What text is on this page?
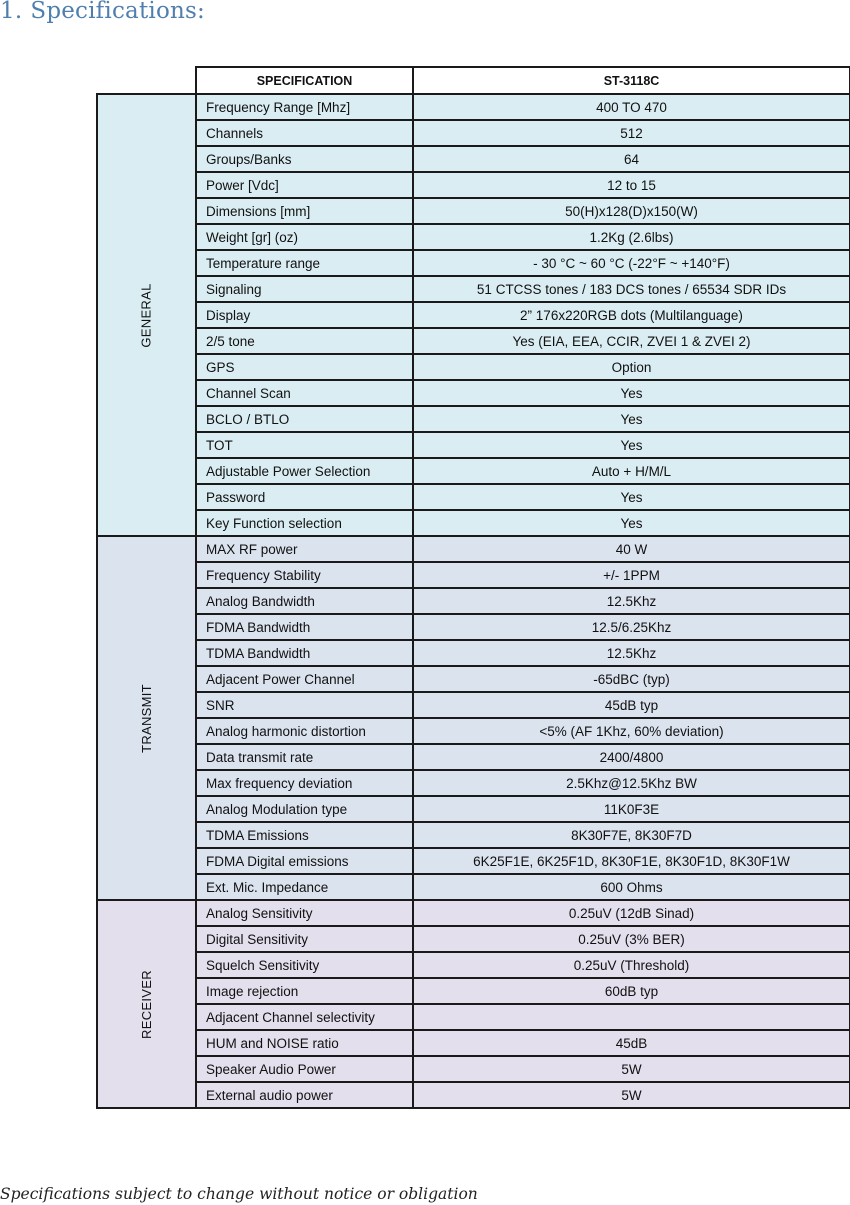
1. Specifications:
	SPECIFICATION	ST-3118C
GENERAL	Frequency Range [Mhz]	400 TO 470
	Channels	512
	Groups/Banks	64
	Power [Vdc]	12 to 15
	Dimensions [mm]	50(H)x128(D)x150(W)
	Weight [gr] (oz)	1.2Kg (2.6lbs)
	Temperature range	- 30 °C ~ 60 °C (-22°F ~ +140°F)
	Signaling	51 CTCSS tones / 183 DCS tones / 65534 SDR IDs
	Display	2” 176x220RGB dots (Multilanguage)
	2/5 tone	Yes (EIA, EEA, CCIR, ZVEI 1 & ZVEI 2)
	GPS	Option
	Channel Scan	Yes
	BCLO / BTLO	Yes
	TOT	Yes
	Adjustable Power Selection	Auto + H/M/L
	Password	Yes
	Key Function selection	Yes
TRANSMIT	MAX RF power	40 W
	Frequency Stability	+/- 1PPM
	Analog Bandwidth	12.5Khz
	FDMA Bandwidth	12.5/6.25Khz
	TDMA Bandwidth	12.5Khz
	Adjacent Power Channel	-65dBC (typ)
	SNR	45dB typ
	Analog harmonic distortion	<5% (AF 1Khz, 60% deviation)
	Data transmit rate	2400/4800
	Max frequency deviation	2.5Khz@12.5Khz BW
	Analog Modulation type	11K0F3E
	TDMA Emissions	8K30F7E, 8K30F7D
	FDMA Digital emissions	6K25F1E, 6K25F1D, 8K30F1E, 8K30F1D, 8K30F1W
	Ext. Mic. Impedance	600 Ohms
RECEIVER	Analog Sensitivity	0.25uV (12dB Sinad)
	Digital Sensitivity	0.25uV (3% BER)
	Squelch Sensitivity	0.25uV (Threshold)
	Image rejection	60dB typ
	Adjacent Channel selectivity	
	HUM and NOISE ratio	45dB
	Speaker Audio Power	5W
	External audio power	5W
Specifications subject to change without notice or obligation
